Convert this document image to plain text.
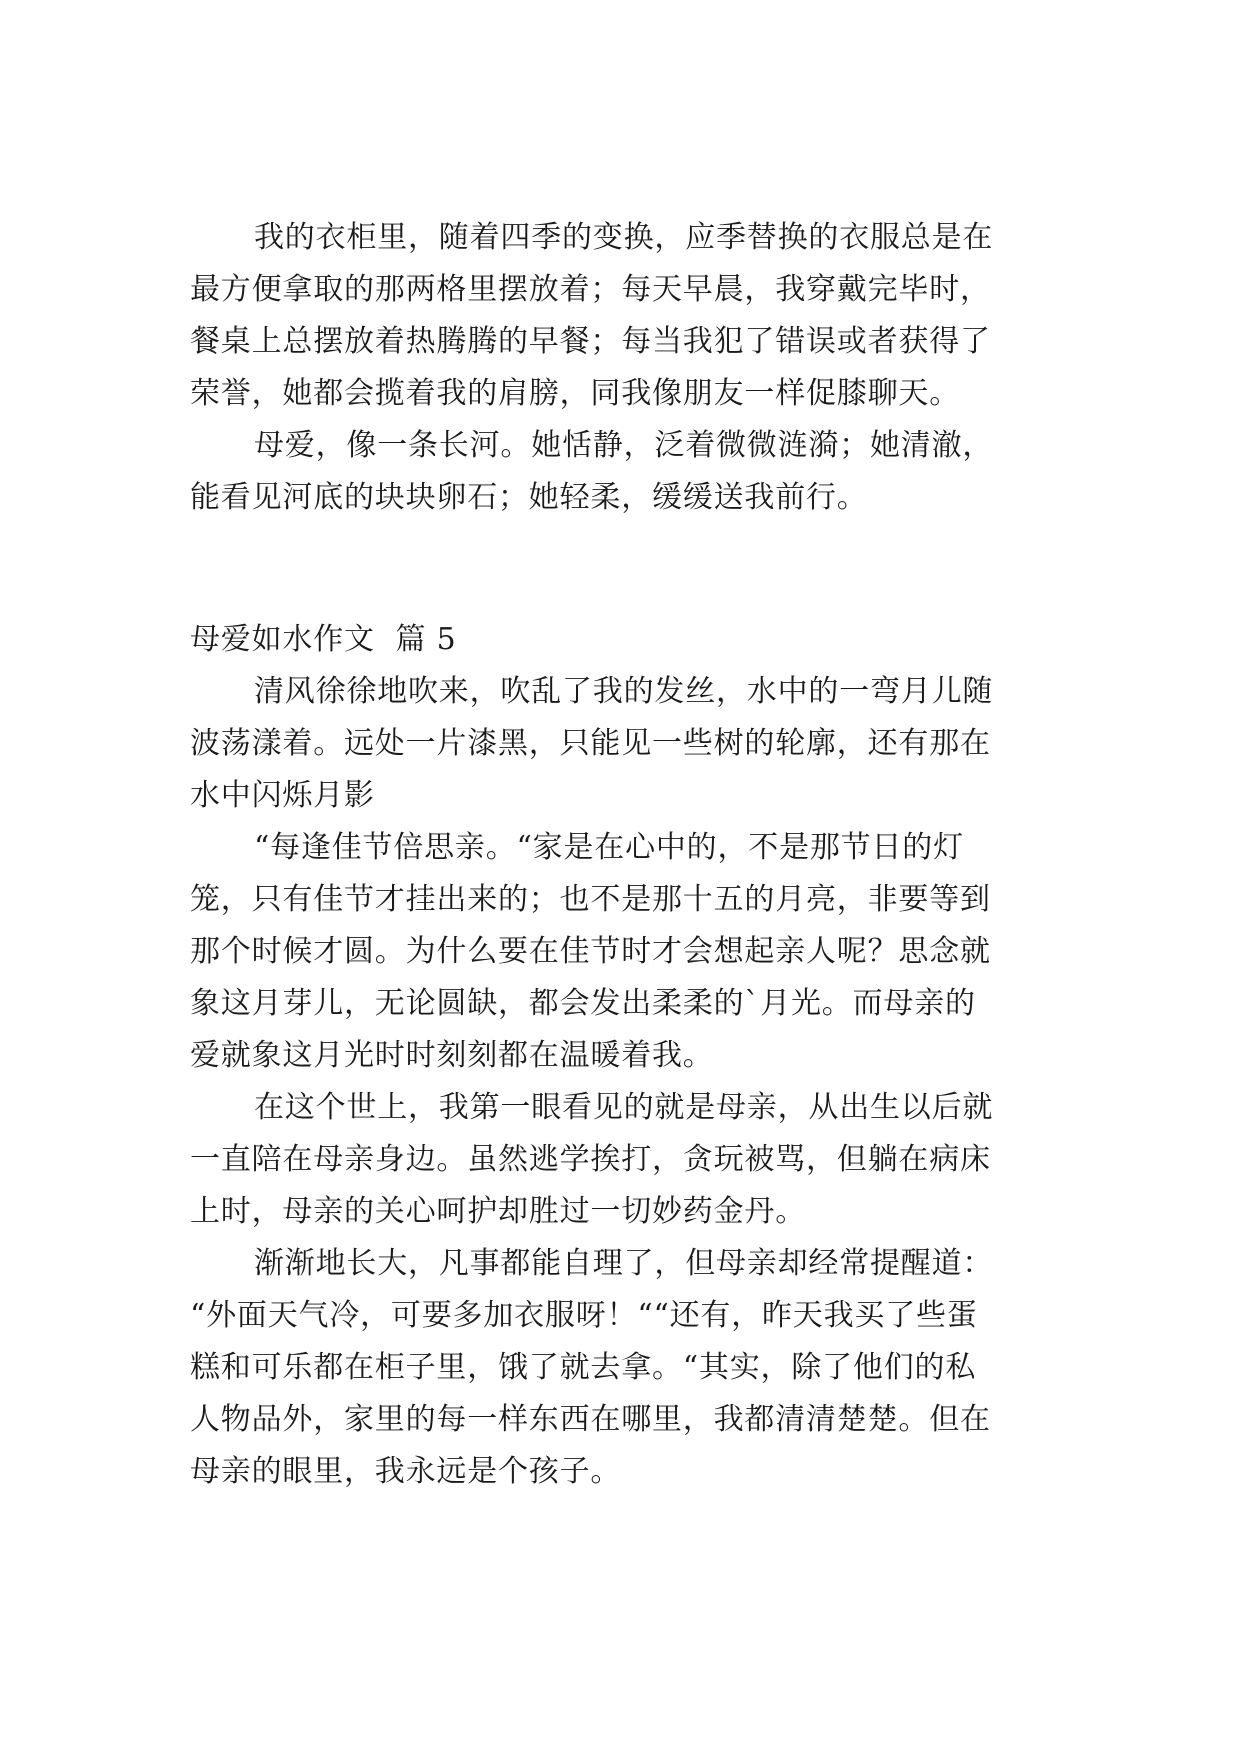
我的衣柜里，随着四季的变换，应季替换的衣服总是在

最方便拿取的那两格里摆放着；每天早晨，我穿戴完毕时，

餐桌上总摆放着热腾腾的早餐；每当我犯了错误或者获得了

荣誉，她都会揽着我的肩膀，同我像朋友一样促膝聊天。

母爱，像一条长河。她恬静，泛着微微涟漪；她清澈，

能看见河底的块块卵石；她轻柔，缓缓送我前行。

母爱如水作文  篇 5

清风徐徐地吹来，吹乱了我的发丝，水中的一弯月儿随

波荡漾着。远处一片漆黑，只能见一些树的轮廓，还有那在

水中闪烁月影

“每逢佳节倍思亲。“家是在心中的，不是那节日的灯

笼，只有佳节才挂出来的；也不是那十五的月亮，非要等到

那个时候才圆。为什么要在佳节时才会想起亲人呢？思念就

象这月芽儿，无论圆缺，都会发出柔柔的`月光。而母亲的

爱就象这月光时时刻刻都在温暖着我。

在这个世上，我第一眼看见的就是母亲，从出生以后就

一直陪在母亲身边。虽然逃学挨打，贪玩被骂，但躺在病床

上时，母亲的关心呵护却胜过一切妙药金丹。

渐渐地长大，凡事都能自理了，但母亲却经常提醒道：

“外面天气冷，可要多加衣服呀！““还有，昨天我买了些蛋

糕和可乐都在柜子里，饿了就去拿。“其实，除了他们的私

人物品外，家里的每一样东西在哪里，我都清清楚楚。但在

母亲的眼里，我永远是个孩子。
